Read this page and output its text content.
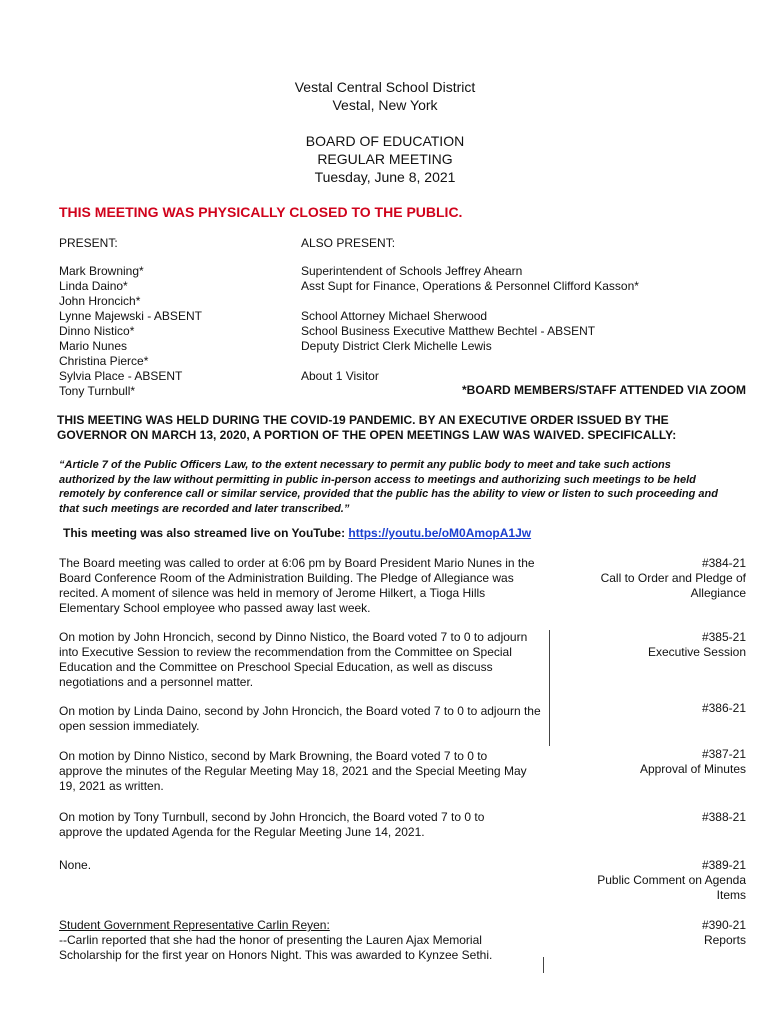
Vestal Central School District
Vestal, New York
BOARD OF EDUCATION
REGULAR MEETING
Tuesday, June 8, 2021
THIS MEETING WAS PHYSICALLY CLOSED TO THE PUBLIC.
PRESENT:
Mark Browning*
Linda Daino*
John Hroncich*
Lynne Majewski - ABSENT
Dinno Nistico*
Mario Nunes
Christina Pierce*
Sylvia Place - ABSENT
Tony Turnbull*
ALSO PRESENT:
Superintendent of Schools Jeffrey Ahearn
Asst Supt for Finance, Operations & Personnel Clifford Kasson*
School Attorney Michael Sherwood
School Business Executive Matthew Bechtel - ABSENT
Deputy District Clerk Michelle Lewis
About 1 Visitor
*BOARD MEMBERS/STAFF ATTENDED VIA ZOOM
THIS MEETING WAS HELD DURING THE COVID-19 PANDEMIC. BY AN EXECUTIVE ORDER ISSUED BY THE GOVERNOR ON MARCH 13, 2020, A PORTION OF THE OPEN MEETINGS LAW WAS WAIVED. SPECIFICALLY:
“Article 7 of the Public Officers Law, to the extent necessary to permit any public body to meet and take such actions authorized by the law without permitting in public in-person access to meetings and authorizing such meetings to be held remotely by conference call or similar service, provided that the public has the ability to view or listen to such proceeding and that such meetings are recorded and later transcribed.”
This meeting was also streamed live on YouTube: https://youtu.be/oM0AmopA1Jw
The Board meeting was called to order at 6:06 pm by Board President Mario Nunes in the Board Conference Room of the Administration Building. The Pledge of Allegiance was recited. A moment of silence was held in memory of Jerome Hilkert, a Tioga Hills Elementary School employee who passed away last week.
#384-21
Call to Order and Pledge of Allegiance
On motion by John Hroncich, second by Dinno Nistico, the Board voted 7 to 0 to adjourn into Executive Session to review the recommendation from the Committee on Special Education and the Committee on Preschool Special Education, as well as discuss negotiations and a personnel matter.
#385-21
Executive Session
On motion by Linda Daino, second by John Hroncich, the Board voted 7 to 0 to adjourn the open session immediately.
#386-21
On motion by Dinno Nistico, second by Mark Browning, the Board voted 7 to 0 to approve the minutes of the Regular Meeting May 18, 2021 and the Special Meeting May 19, 2021 as written.
#387-21
Approval of Minutes
On motion by Tony Turnbull, second by John Hroncich, the Board voted 7 to 0 to approve the updated Agenda for the Regular Meeting June 14, 2021.
#388-21
None.	#389-21
Public Comment on Agenda Items
Student Government Representative Carlin Reyen:
--Carlin reported that she had the honor of presenting the Lauren Ajax Memorial Scholarship for the first year on Honors Night. This was awarded to Kynzee Sethi.
#390-21
Reports
